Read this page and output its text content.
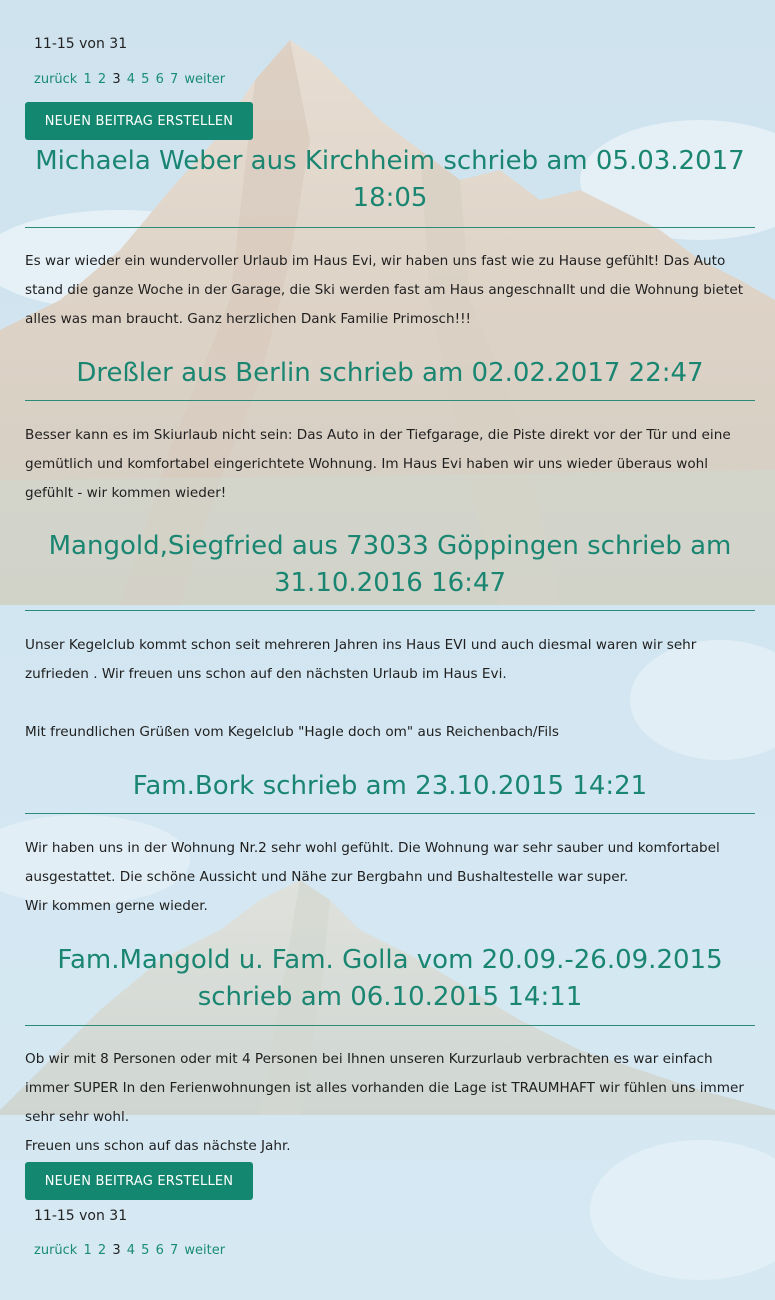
11-15 von 31
zurück 1 2 3 4 5 6 7 weiter
NEUEN BEITRAG ERSTELLEN
Michaela Weber aus Kirchheim schrieb am 05.03.2017 18:05

Es war wieder ein wundervoller Urlaub im Haus Evi, wir haben uns fast wie zu Hause gefühlt! Das Auto stand die ganze Woche in der Garage, die Ski werden fast am Haus angeschnallt und die Wohnung bietet alles was man braucht. Ganz herzlichen Dank Familie Primosch!!!

Dreßler aus Berlin schrieb am 02.02.2017 22:47

Besser kann es im Skiurlaub nicht sein: Das Auto in der Tiefgarage, die Piste direkt vor der Tür und eine gemütlich und komfortabel eingerichtete Wohnung. Im Haus Evi haben wir uns wieder überaus wohl gefühlt - wir kommen wieder!

Mangold,Siegfried aus 73033 Göppingen schrieb am 31.10.2016 16:47

Unser Kegelclub kommt schon seit mehreren Jahren ins Haus EVI und auch diesmal waren wir sehr zufrieden . Wir freuen uns schon auf den nächsten Urlaub im Haus Evi.

Mit freundlichen Grüßen vom Kegelclub "Hagle doch om" aus Reichenbach/Fils

Fam.Bork schrieb am 23.10.2015 14:21

Wir haben uns in der Wohnung Nr.2 sehr wohl gefühlt. Die Wohnung war sehr sauber und komfortabel ausgestattet. Die schöne Aussicht und Nähe zur Bergbahn und Bushaltestelle war super.
Wir kommen gerne wieder.

Fam.Mangold u. Fam. Golla vom 20.09.-26.09.2015 schrieb am 06.10.2015 14:11

Ob wir mit 8 Personen oder mit 4 Personen bei Ihnen unseren Kurzurlaub verbrachten es war einfach immer SUPER In den Ferienwohnungen ist alles vorhanden die Lage ist TRAUMHAFT wir fühlen uns immer sehr sehr wohl.
Freuen uns schon auf das nächste Jahr.

NEUEN BEITRAG ERSTELLEN
11-15 von 31
zurück 1 2 3 4 5 6 7 weiter
